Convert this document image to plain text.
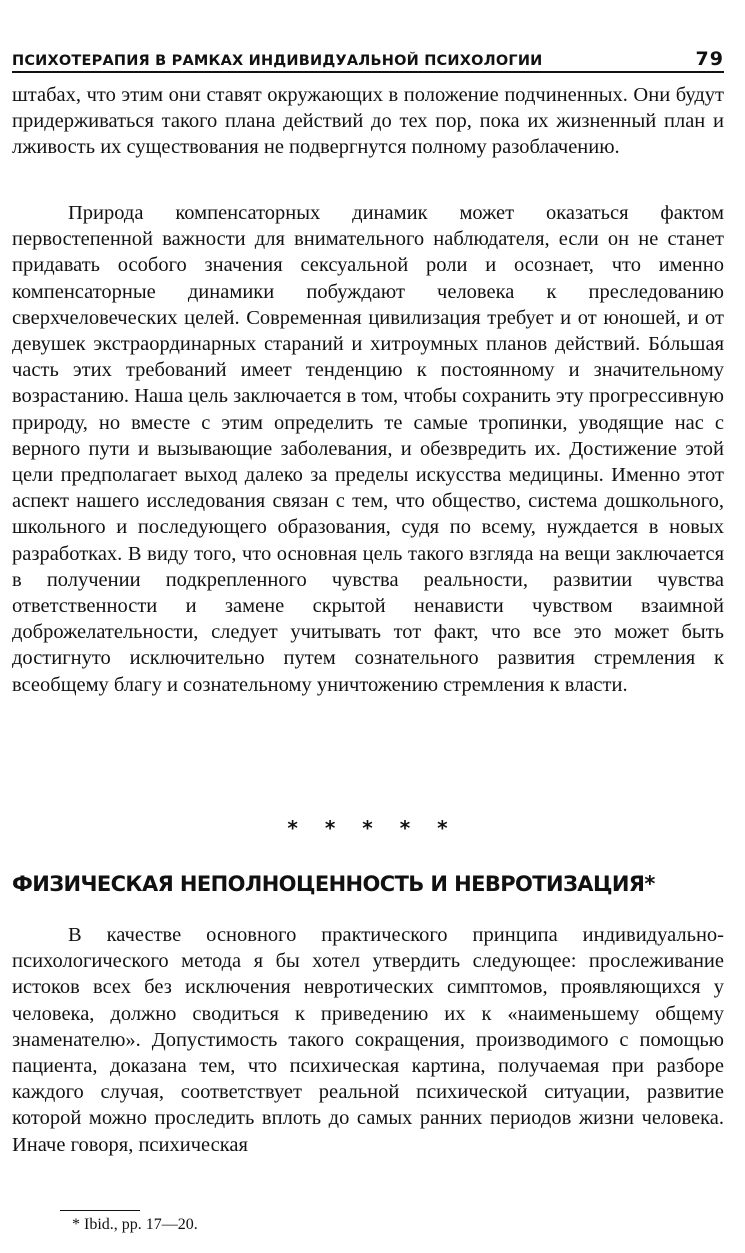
ПСИХОТЕРАПИЯ В РАМКАХ ИНДИВИДУАЛЬНОЙ ПСИХОЛОГИИ	79

штабах, что этим они ставят окружающих в положение подчиненных. Они будут придерживаться такого плана действий до тех пор, пока их жизненный план и лживость их существования не подвергнутся полному разоблачению.

Природа компенсаторных динамик может оказаться фактом первостепенной важности для внимательного наблюдателя, если он не станет придавать особого значения сексуальной роли и осознает, что именно компенсаторные динамики побуждают человека к преследованию сверхчеловеческих целей. Современная цивилизация требует и от юношей, и от девушек экстраординарных стараний и хитроумных планов действий. Бóльшая часть этих требований имеет тенденцию к постоянному и значительному возрастанию. Наша цель заключается в том, чтобы сохранить эту прогрессивную природу, но вместе с этим определить те самые тропинки, уводящие нас с верного пути и вызывающие заболевания, и обезвредить их. Достижение этой цели предполагает выход далеко за пределы искусства медицины. Именно этот аспект нашего исследования связан с тем, что общество, система дошкольного, школьного и последующего образования, судя по всему, нуждается в новых разработках. В виду того, что основная цель такого взгляда на вещи заключается в получении подкрепленного чувства реальности, развитии чувства ответственности и замене скрытой ненависти чувством взаимной доброжелательности, следует учитывать тот факт, что все это может быть достигнуто исключительно путем сознательного развития стремления к всеобщему благу и сознательному уничтожению стремления к власти.

* * * * *
ФИЗИЧЕСКАЯ НЕПОЛНОЦЕННОСТЬ И НЕВРОТИЗАЦИЯ*

В качестве основного практического принципа индивидуально-психологического метода я бы хотел утвердить следующее: прослеживание истоков всех без исключения невротических симптомов, проявляющихся у человека, должно сводиться к приведению их к «наименьшему общему знаменателю». Допустимость такого сокращения, производимого с помощью пациента, доказана тем, что психическая картина, получаемая при разборе каждого случая, соответствует реальной психической ситуации, развитие которой можно проследить вплоть до самых ранних периодов жизни человека. Иначе говоря, психическая

* Ibid., pp. 17—20.
